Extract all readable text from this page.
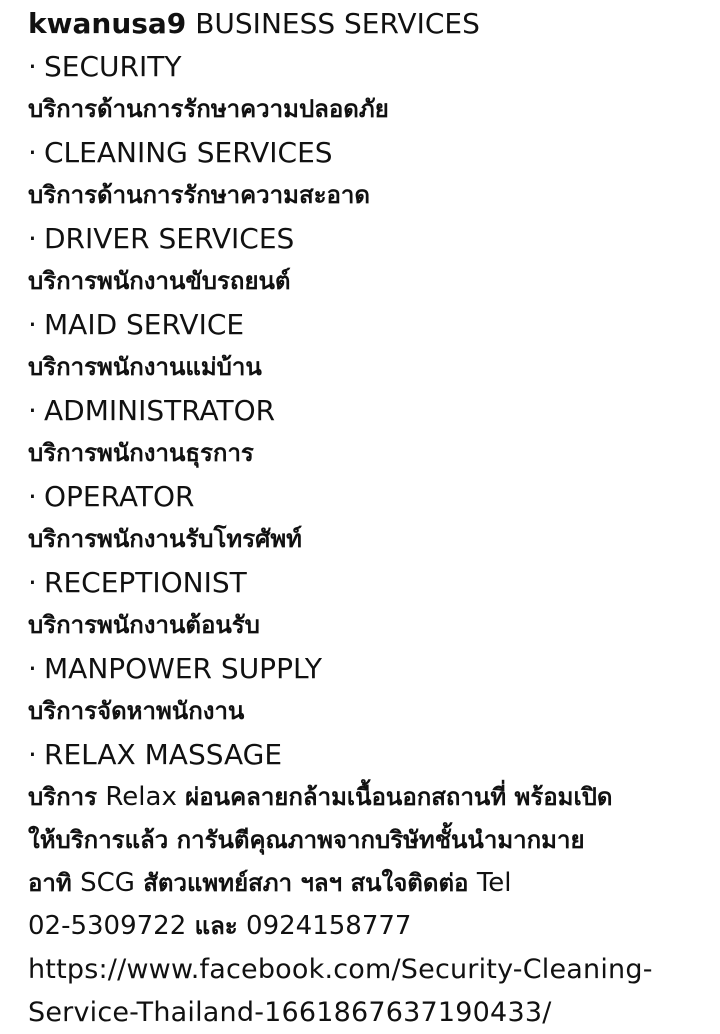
kwanusa9 BUSINESS SERVICES
· SECURITY
บริการด้านการรักษาความปลอดภัย
· CLEANING SERVICES
บริการด้านการรักษาความสะอาด
· DRIVER SERVICES
บริการพนักงานขับรถยนต์
· MAID SERVICE
บริการพนักงานแม่บ้าน
· ADMINISTRATOR
บริการพนักงานธุรการ
· OPERATOR
บริการพนักงานรับโทรศัพท์
· RECEPTIONIST
บริการพนักงานต้อนรับ
· MANPOWER SUPPLY
บริการจัดหาพนักงาน
· RELAX MASSAGE
บริการ Relax ผ่อนคลายกล้ามเนื้อนอกสถานที่ พร้อมเปิด
ให้บริการแล้ว การันตีคุณภาพจากบริษัทชั้นนำมากมาย
อาทิ SCG สัตวแพทย์สภา ฯลฯ สนใจติดต่อ Tel
02-5309722 และ 0924158777
https://www.facebook.com/Security-Cleaning-
Service-Thailand-1661867637190433/
